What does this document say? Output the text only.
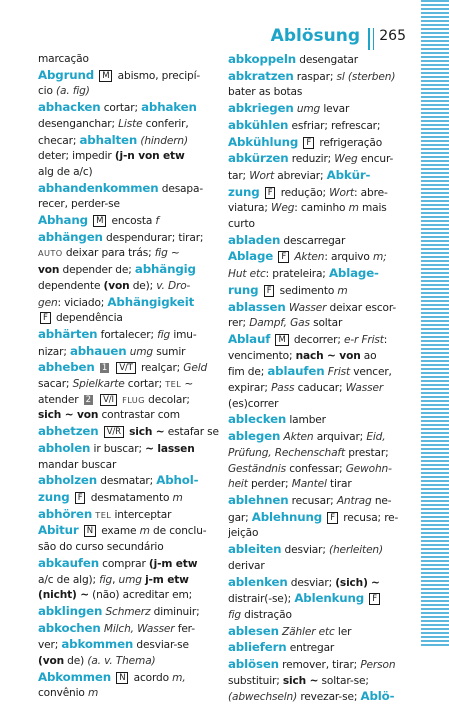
Ablösung 265
marcação
Abgrund M abismo, precipí-
cio (a. fig)
abhacken cortar; abhaken
desenganchar; Liste conferir,
checar; abhalten (hindern)
deter; impedir (j-n von etw
alg de a/c)
abhandenkommen desapa-
recer, perder-se
Abhang M encosta f
abhängen despendurar; tirar;
AUTO deixar para trás; fig ~
von depender de; abhängig
dependente (von de); v. Dro-
gen: viciado; Abhängigkeit
F dependência
abhärten fortalecer; fig imu-
nizar; abhauen umg sumir
abheben 1 V/T realçar; Geld
sacar; Spielkarte cortar; TEL ~
atender 2 V/I FLUG decolar;
sich ~ von contrastar com
abhetzen V/R sich ~ estafar se
abholen ir buscar; ~ lassen
mandar buscar
abholzen desmatar; Abhol-
zung F desmatamento m
abhören TEL interceptar
Abitur N exame m de conclu-
são do curso secundário
abkaufen comprar (j-m etw
a/c de alg); fig, umg j-m etw
(nicht) ~ (não) acreditar em;
abklingen Schmerz diminuir;
abkochen Milch, Wasser fer-
ver; abkommen desviar-se
(von de) (a. v. Thema)
Abkommen N acordo m,
convênio m
abkoppeln desengatar
abkratzen raspar; sl (sterben)
bater as botas
abkriegen umg levar
abkühlen esfriar; refrescar;
Abkühlung F refrigeração
abkürzen reduzir; Weg encur-
tar; Wort abreviar; Abkür-
zung F redução; Wort: abre-
viatura; Weg: caminho m mais
curto
abladen descarregar
Ablage F Akten: arquivo m;
Hut etc: prateleira; Ablage-
rung F sedimento m
ablassen Wasser deixar escor-
rer; Dampf, Gas soltar
Ablauf M decorrer; e-r Frist:
vencimento; nach ~ von ao
fim de; ablaufen Frist vencer,
expirar; Pass caducar; Wasser
(es)correr
ablecken lamber
ablegen Akten arquivar; Eid,
Prüfung, Rechenschaft prestar;
Geständnis confessar; Gewohn-
heit perder; Mantel tirar
ablehnen recusar; Antrag ne-
gar; Ablehnung F recusa; re-
jeição
ableiten desviar; (herleiten)
derivar
ablenken desviar; (sich) ~
distrair(-se); Ablenkung F
fig distração
ablesen Zähler etc ler
abliefern entregar
ablösen remover, tirar; Person
substituir; sich ~ soltar-se;
(abwechseln) revezar-se; Ablö-
